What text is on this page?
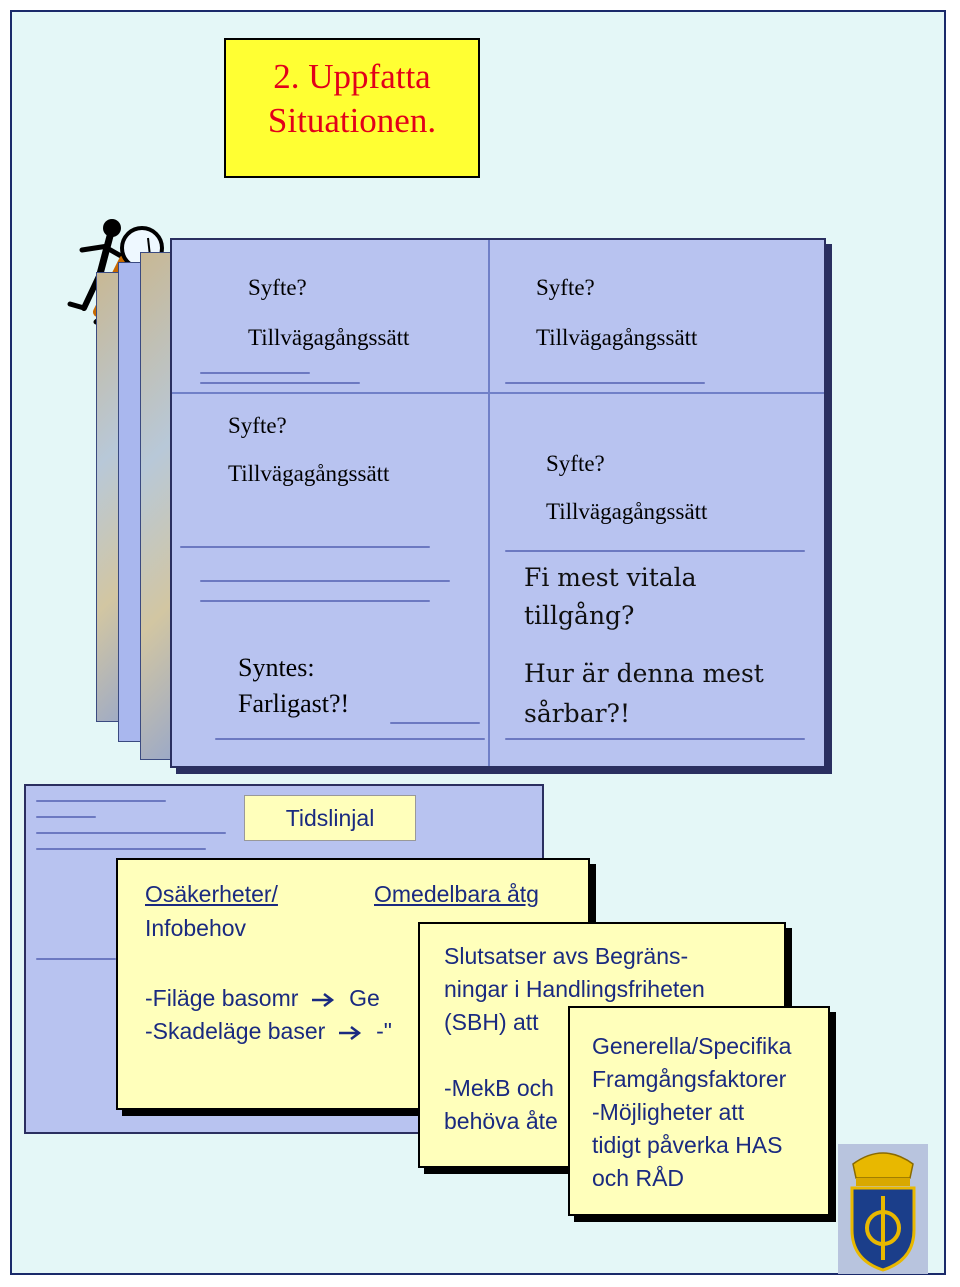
2. Uppfatta
Situationen.
Syfte?
Tillvägagångssätt
Syfte?
Tillvägagångssätt
Syfte?
Tillvägagångssätt	Syfte?
Tillvägagångssätt
Syntes:
Farligast?!
Fi mest vitala
tillgång?
Hur är denna mest
sårbar?!
Tidslinjal
Osäkerheter/
Infobehov
Omedelbara åtg
-Filäge basomr Ge
-Skadeläge baser -"
Slutsatser avs Begräns-
ningar i Handlingsfriheten
(SBH) att
-MekB och
behöva åte
Generella/Specifika
Framgångsfaktorer
-Möjligheter att
tidigt påverka HAS
och RÅD
